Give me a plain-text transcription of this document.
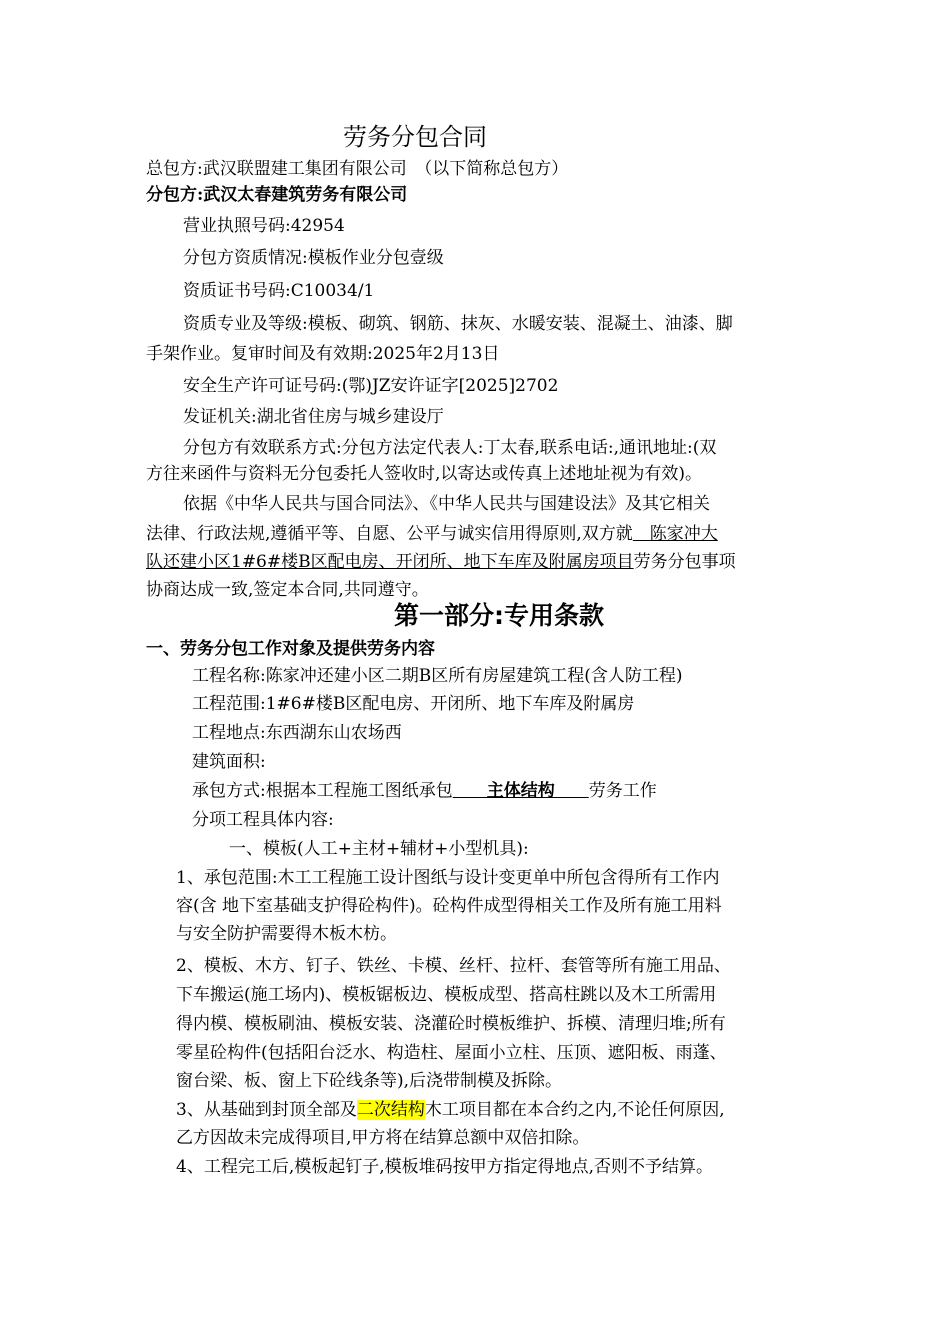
劳务分包合同
总包方:武汉联盟建工集团有限公司　（以下简称总包方）
分包方:武汉太春建筑劳务有限公司
营业执照号码:42954
分包方资质情况:模板作业分包壹级
资质证书号码:C10034/1
资质专业及等级:模板、砌筑、钢筋、抹灰、水暖安装、混凝土、油漆、脚
手架作业。复审时间及有效期:2025年2月13日
安全生产许可证号码:(鄂)JZ安许证字[2025]2702
发证机关:湖北省住房与城乡建设厅
分包方有效联系方式:分包方法定代表人:丁太春,联系电话:,通讯地址:(双
方往来函件与资料无分包委托人签收时,以寄达或传真上述地址视为有效)。
依据《中华人民共与国合同法》、《中华人民共与国建设法》及其它相关
法律、行政法规,遵循平等、自愿、公平与诚实信用得原则,双方就　陈家冲大
队还建小区1#6#楼B区配电房、开闭所、地下车库及附属房项目劳务分包事项
协商达成一致,签定本合同,共同遵守。
第一部分:专用条款
一、劳务分包工作对象及提供劳务内容
工程名称:陈家冲还建小区二期B区所有房屋建筑工程(含人防工程)
工程范围:1#6#楼B区配电房、开闭所、地下车库及附属房
工程地点:东西湖东山农场西
建筑面积:
承包方式:根据本工程施工图纸承包　　主体结构　　劳务工作
分项工程具体内容:
一、模板(人工+主材+辅材+小型机具):
1、承包范围:木工工程施工设计图纸与设计变更单中所包含得所有工作内
容(含 地下室基础支护得砼构件)。砼构件成型得相关工作及所有施工用料
与安全防护需要得木板木枋。
2、模板、木方、钉子、铁丝、卡模、丝杆、拉杆、套管等所有施工用品、
下车搬运(施工场内)、模板锯板边、模板成型、搭高柱跳以及木工所需用
得内模、模板刷油、模板安装、浇灌砼时模板维护、拆模、清理归堆;所有
零星砼构件(包括阳台泛水、构造柱、屋面小立柱、压顶、遮阳板、雨蓬、
窗台梁、板、窗上下砼线条等),后浇带制模及拆除。
3、从基础到封顶全部及二次结构木工项目都在本合约之内,不论任何原因,
乙方因故未完成得项目,甲方将在结算总额中双倍扣除。
4、工程完工后,模板起钉子,模板堆码按甲方指定得地点,否则不予结算。
